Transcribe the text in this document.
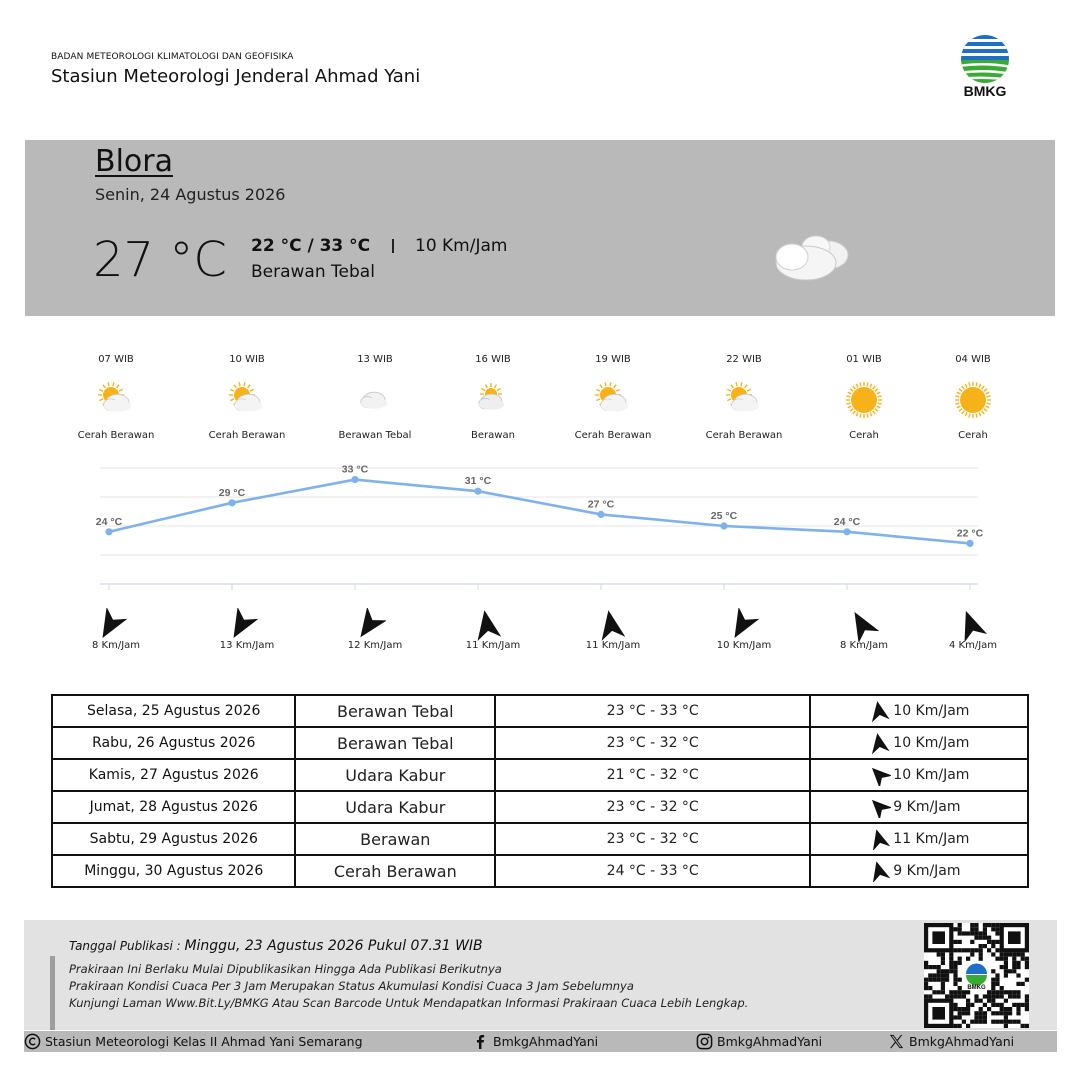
BADAN METEOROLOGI KLIMATOLOGI DAN GEOFISIKA
Stasiun Meteorologi Jenderal Ahmad Yani
BMKG
Blora
Senin, 24 Agustus 2026
27 °C 22 °C / 33 °C	10 Km/Jam
Berawan Tebal
24 °C
29 °C
33 °C
31 °C
27 °C
25 °C	24 °C
22 °C
07 WIB
Cerah Berawan
8 Km/Jam
10 WIB
Cerah Berawan
13 Km/Jam
13 WIB
Berawan Tebal
12 Km/Jam
16 WIB
Berawan
11 Km/Jam
19 WIB
Cerah Berawan
11 Km/Jam
22 WIB
Cerah Berawan
10 Km/Jam
01 WIB
Cerah
8 Km/Jam
04 WIB
Cerah
4 Km/Jam
Selasa, 25 Agustus 2026	Berawan Tebal	23 °C - 33 °C	10 Km/Jam
Rabu, 26 Agustus 2026	Berawan Tebal	23 °C - 32 °C	10 Km/Jam
Kamis, 27 Agustus 2026	Udara Kabur	21 °C - 32 °C	10 Km/Jam
Jumat, 28 Agustus 2026	Udara Kabur	23 °C - 32 °C	9 Km/Jam
Sabtu, 29 Agustus 2026	Berawan	23 °C - 32 °C	11 Km/Jam
Minggu, 30 Agustus 2026	Cerah Berawan	24 °C - 33 °C	9 Km/Jam
Tanggal Publikasi : Minggu, 23 Agustus 2026 Pukul 07.31 WIB
Prakiraan Ini Berlaku Mulai Dipublikasikan Hingga Ada Publikasi Berikutnya
Prakiraan Kondisi Cuaca Per 3 Jam Merupakan Status Akumulasi Kondisi Cuaca 3 Jam Sebelumnya
Kunjungi Laman Www.Bit.Ly/BMKG Atau Scan Barcode Untuk Mendapatkan Informasi Prakiraan Cuaca Lebih Lengkap.
BMKG
Stasiun Meteorologi Kelas II Ahmad Yani Semarang	BmkgAhmadYani	BmkgAhmadYani	BmkgAhmadYani
